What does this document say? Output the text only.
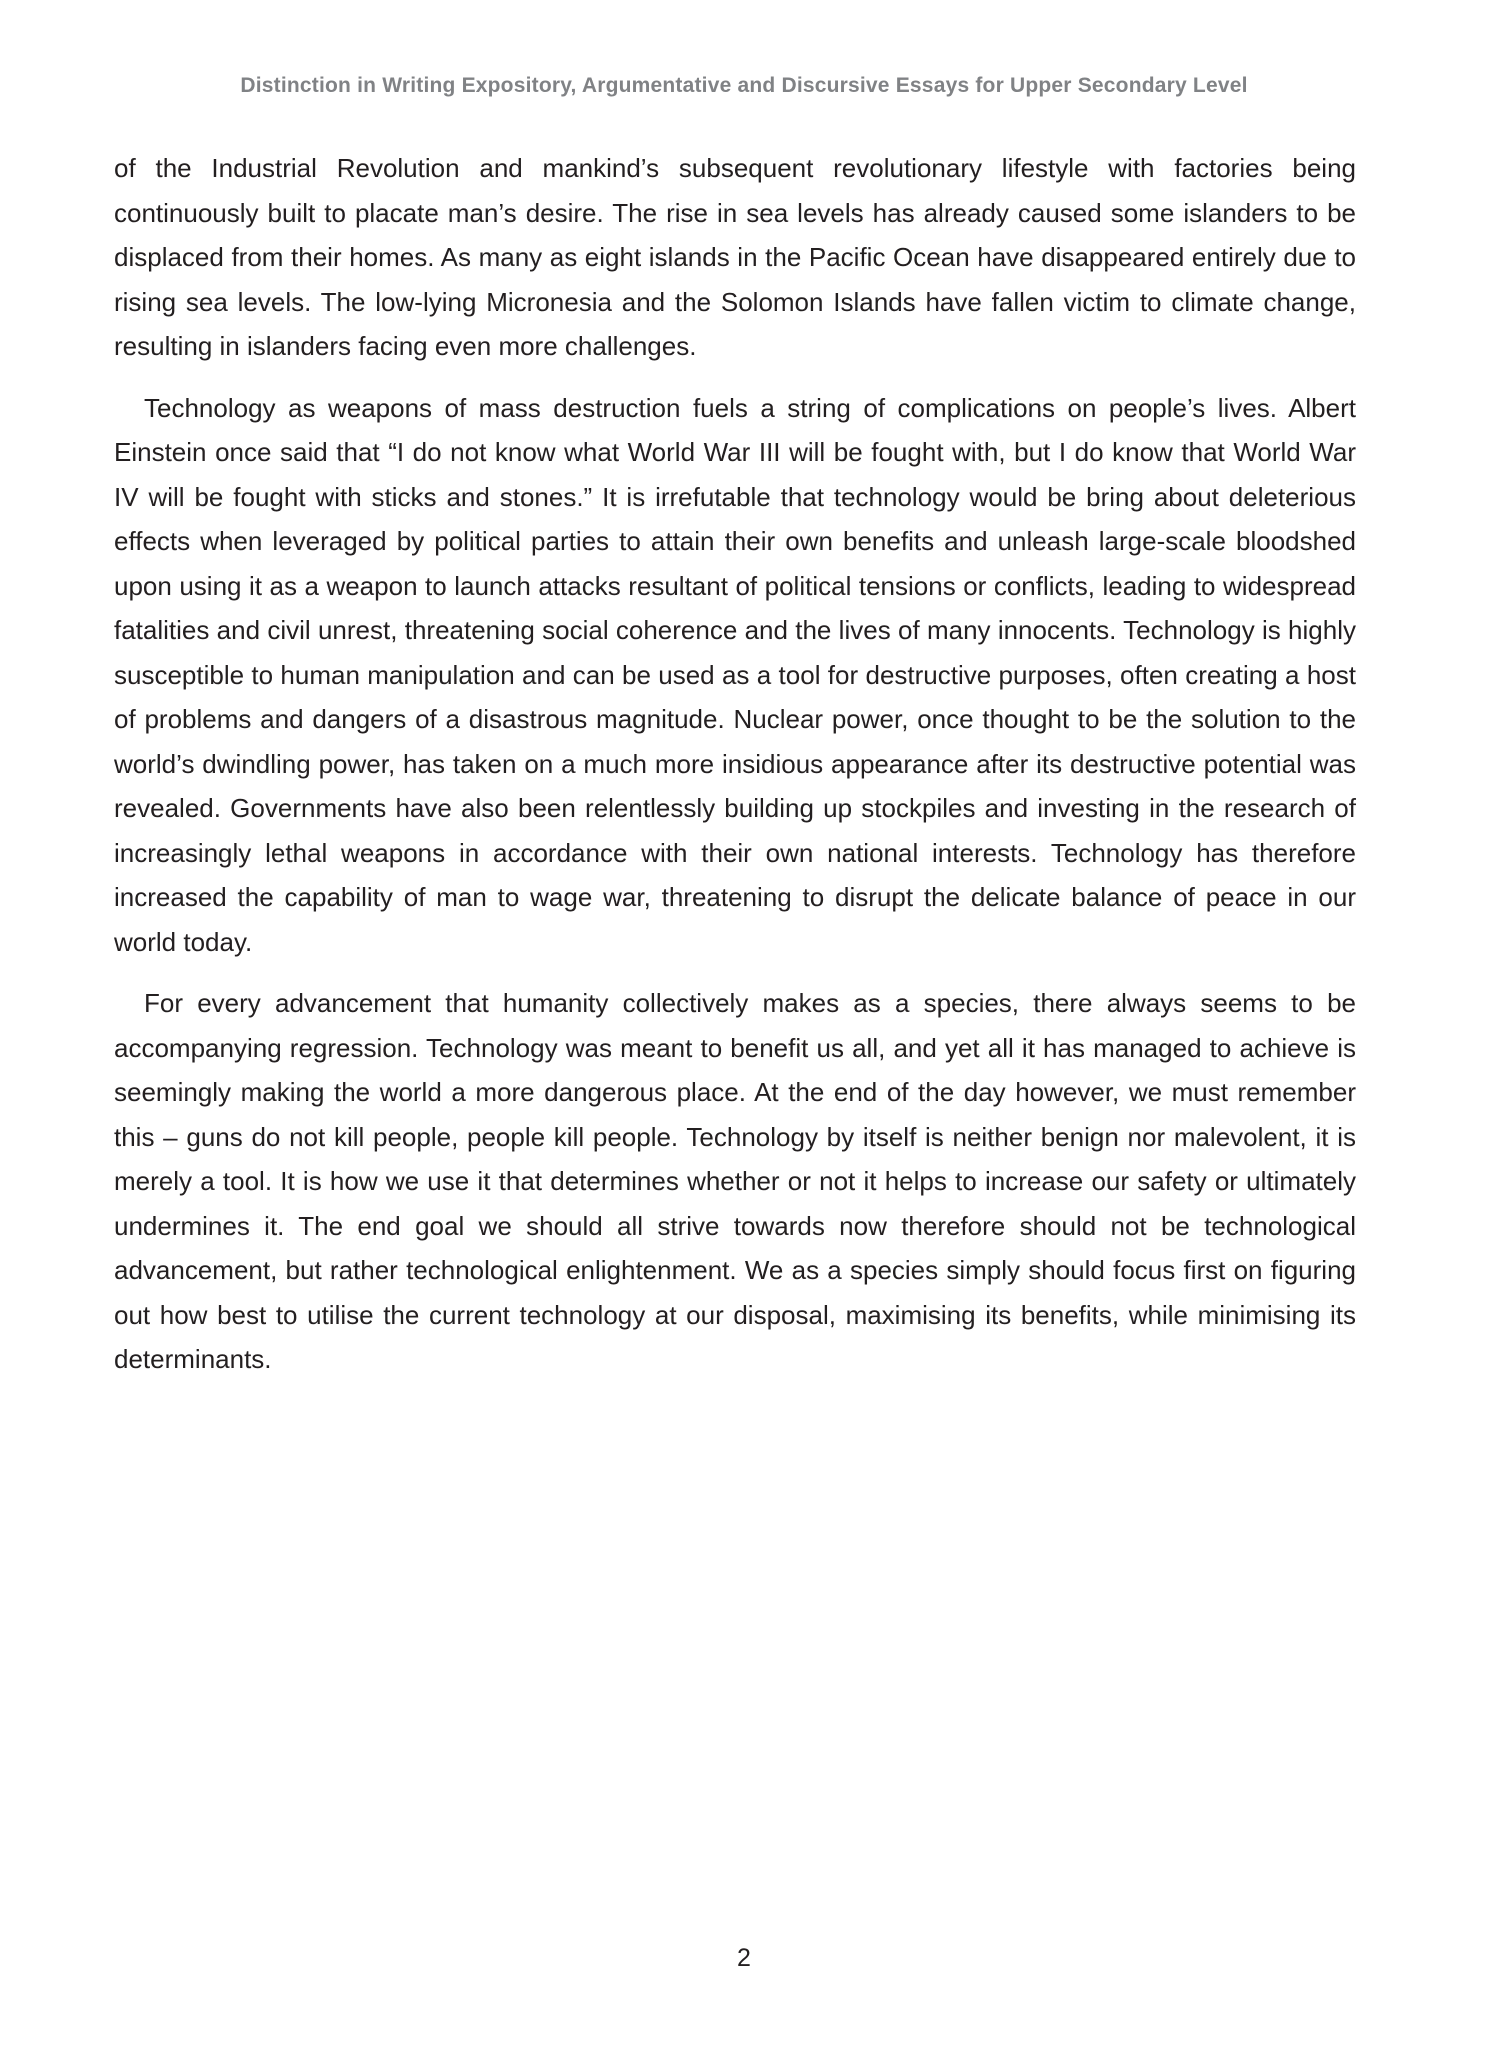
Distinction in Writing Expository, Argumentative and Discursive Essays for Upper Secondary Level

of the Industrial Revolution and mankind’s subsequent revolutionary lifestyle with factories being continuously built to placate man’s desire. The rise in sea levels has already caused some islanders to be displaced from their homes. As many as eight islands in the Pacific Ocean have disappeared entirely due to rising sea levels. The low-lying Micronesia and the Solomon Islands have fallen victim to climate change, resulting in islanders facing even more challenges.

Technology as weapons of mass destruction fuels a string of complications on people’s lives. Albert Einstein once said that “I do not know what World War III will be fought with, but I do know that World War IV will be fought with sticks and stones.” It is irrefutable that technology would be bring about deleterious effects when leveraged by political parties to attain their own benefits and unleash large-scale bloodshed upon using it as a weapon to launch attacks resultant of political tensions or conflicts, leading to widespread fatalities and civil unrest, threatening social coherence and the lives of many innocents. Technology is highly susceptible to human manipulation and can be used as a tool for destructive purposes, often creating a host of problems and dangers of a disastrous magnitude. Nuclear power, once thought to be the solution to the world’s dwindling power, has taken on a much more insidious appearance after its destructive potential was revealed. Governments have also been relentlessly building up stockpiles and investing in the research of increasingly lethal weapons in accordance with their own national interests. Technology has therefore increased the capability of man to wage war, threatening to disrupt the delicate balance of peace in our world today.

For every advancement that humanity collectively makes as a species, there always seems to be accompanying regression. Technology was meant to benefit us all, and yet all it has managed to achieve is seemingly making the world a more dangerous place. At the end of the day however, we must remember this – guns do not kill people, people kill people. Technology by itself is neither benign nor malevolent, it is merely a tool. It is how we use it that determines whether or not it helps to increase our safety or ultimately undermines it. The end goal we should all strive towards now therefore should not be technological advancement, but rather technological enlightenment. We as a species simply should focus first on figuring out how best to utilise the current technology at our disposal, maximising its benefits, while minimising its determinants.

2
